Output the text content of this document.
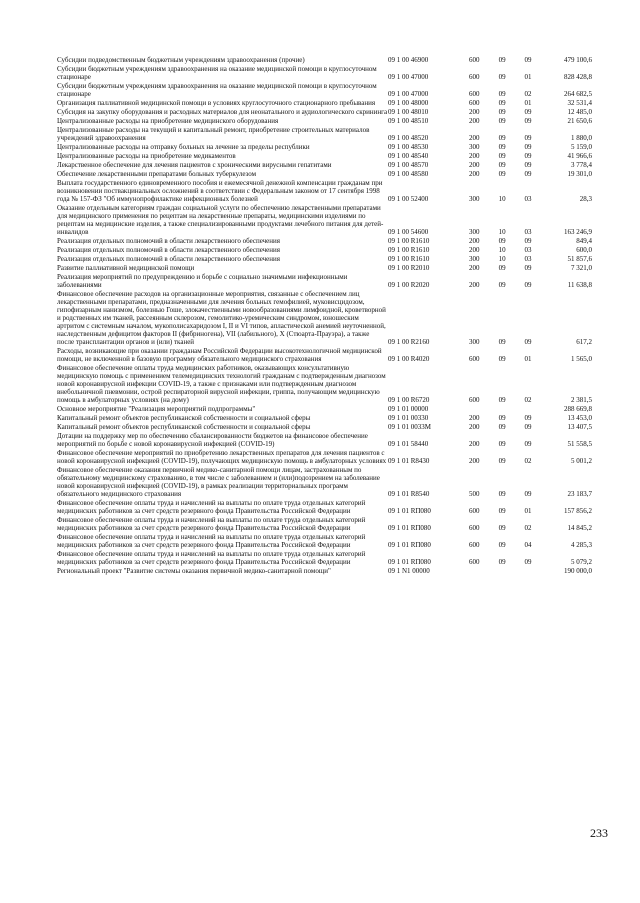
Субсидии подведомственным бюджетным учреждениям здравоохранения (прочие)	09 1 00 46900	600	09	09	479 100,6
Субсидии бюджетным учреждениям здравоохранения на оказание медицинской помощи в круглосуточном стационаре	09 1 00 47000	600	09	01	828 428,8
Субсидии бюджетным учреждениям здравоохранения на оказание медицинской помощи в круглосуточном стационаре	09 1 00 47000	600	09	02	264 682,5
Организация паллиативной медицинской помощи в условиях круглосуточного стационарного пребывания	09 1 00 48000	600	09	01	32 531,4
Субсидия на закупку оборудования и расходных материалов для неонатального и аудиологического скрининга	09 1 00 48010	200	09	09	12 485,0
Централизованные расходы на приобретение медицинского оборудования	09 1 00 48510	200	09	09	21 650,6
Централизованные расходы на текущий и капитальный ремонт, приобретение строительных материалов учреждений здравоохранения	09 1 00 48520	200	09	09	1 880,0
Централизованные расходы на отправку больных на лечение за пределы республики	09 1 00 48530	300	09	09	5 159,0
Централизованные расходы на приобретение медикаментов	09 1 00 48540	200	09	09	41 966,6
Лекарственное обеспечение для лечения пациентов с хроническими вирусными гепатитами	09 1 00 48570	200	09	09	3 778,4
Обеспечение лекарственными препаратами больных туберкулезом	09 1 00 48580	200	09	09	19 301,0
Выплата государственного единовременного пособия и ежемесячной денежной компенсации гражданам при возникновении поствакцинальных осложнений в соответствии с Федеральным законом от 17 сентября 1998 года № 157-ФЗ "Об иммунопрофилактике инфекционных болезней	09 1 00 52400	300	10	03	28,3
Оказание отдельным категориям граждан социальной услуги по обеспечению лекарственными препаратами для медицинского применения по рецептам на лекарственные препараты, медицинскими изделиями по рецептам на медицинские изделия, а также специализированными продуктами лечебного питания для детей-инвалидов	09 1 00 54600	300	10	03	163 246,9
Реализация отдельных полномочий в области лекарственного обеспечения	09 1 00 R1610	200	09	09	849,4
Реализация отдельных полномочий в области лекарственного обеспечения	09 1 00 R1610	200	10	03	600,0
Реализация отдельных полномочий в области лекарственного обеспечения	09 1 00 R1610	300	10	03	51 857,6
Развитие паллиативной медицинской помощи	09 1 00 R2010	200	09	09	7 321,0
Реализация мероприятий по предупреждению и борьбе с социально значимыми инфекционными заболеваниями	09 1 00 R2020	200	09	09	11 638,8
Финансовое обеспечение расходов на организационные мероприятия, связанные с обеспечением лиц лекарственными препаратами, предназначенными для лечения больных гемофилией, муковисцидозом, гипофизарным нанизмом, болезнью Гоше, злокачественными новообразованиями лимфоидной, кроветворной и родственных им тканей, рассеянным склерозом, гемолитико-уремическим синдромом, юношеским артритом с системным началом, мукополисахаридозом I, II и VI типов, апластической анемией неуточненной, наследственным дефицитом факторов II (фибриногена), VII (лабильного), X (Стюарта-Прауэра), а также после трансплантации органов и (или) тканей	09 1 00 R2160	300	09	09	617,2
Расходы, возникающие при оказании гражданам Российской Федерации высокотехнологичной медицинской помощи, не включенной в базовую программу обязательного медицинского страхования	09 1 00 R4020	600	09	01	1 565,0
Финансовое обеспечение оплаты труда медицинских работников, оказывающих консультативную медицинскую помощь с применением телемедицинских технологий гражданам с подтвержденным диагнозом новой коронавирусной инфекции COVID-19, а также с признаками или подтвержденным диагнозом внебольничной пневмонии, острой респираторной вирусной инфекции, гриппа, получающим медицинскую помощь в амбулаторных условиях (на дому)	09 1 00 R6720	600	09	02	2 381,5
Основное мероприятие "Реализация мероприятий подпрограммы"	09 1 01 00000				288 669,8
Капитальный ремонт объектов республиканской собственности и социальной сферы	09 1 01 00330	200	09	09	13 453,0
Капитальный ремонт объектов республиканской собственности и социальной сферы	09 1 01 0033М	200	09	09	13 407,5
Дотации на поддержку мер по обеспечению сбалансированности бюджетов на финансовое обеспечение мероприятий по борьбе с новой коронавирусной инфекцией (COVID-19)	09 1 01 58440	200	09	09	51 558,5
Финансовое обеспечение мероприятий по приобретению лекарственных препаратов для лечения пациентов с новой коронавирусной инфекцией (COVID-19), получающих медицинскую помощь в амбулаторных условиях	09 1 01 R8430	200	09	02	5 001,2
Финансовое обеспечение оказания первичной медико-санитарной помощи лицам, застрахованным по обязательному медицинскому страхованию, в том числе с заболеванием и (или)подозрением на заболевание новой коронавирусной инфекцией (COVID-19), в рамках реализации территориальных программ обязательного медицинского страхования	09 1 01 R8540	500	09	09	23 183,7
Финансовое обеспечение оплаты труда и начислений на выплаты по оплате труда отдельных категорий медицинских работников за счет средств резервного фонда Правительства Российской Федерации	09 1 01 RП080	600	09	01	157 856,2
Финансовое обеспечение оплаты труда и начислений на выплаты по оплате труда отдельных категорий медицинских работников за счет средств резервного фонда Правительства Российской Федерации	09 1 01 RП080	600	09	02	14 845,2
Финансовое обеспечение оплаты труда и начислений на выплаты по оплате труда отдельных категорий медицинских работников за счет средств резервного фонда Правительства Российской Федерации	09 1 01 RП080	600	09	04	4 285,3
Финансовое обеспечение оплаты труда и начислений на выплаты по оплате труда отдельных категорий медицинских работников за счет средств резервного фонда Правительства Российской Федерации	09 1 01 RП080	600	09	09	5 079,2
Региональный проект "Развитие системы оказания первичной медико-санитарной помощи"	09 1 N1 00000				190 000,0
233
